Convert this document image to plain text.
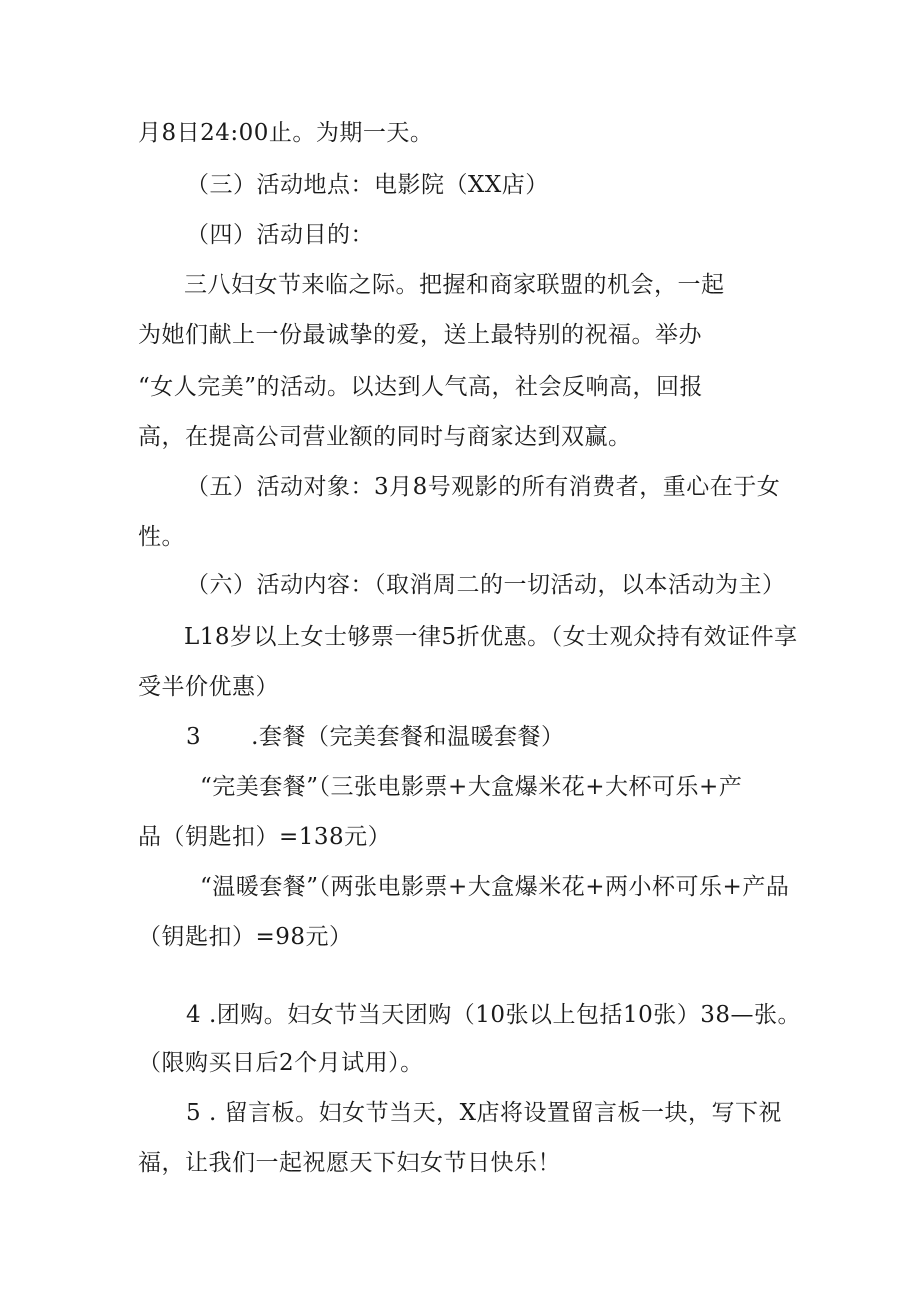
月8日24:00止。为期一天。

（三）活动地点：电影院（XX店）

（四）活动目的：

三八妇女节来临之际。把握和商家联盟的机会，一起

为她们献上一份最诚挚的爱，送上最特别的祝福。举办

“女人完美”的活动。以达到人气高，社会反响高，回报

高，在提高公司营业额的同时与商家达到双赢。

（五）活动对象：3月8号观影的所有消费者，重心在于女

性。

（六）活动内容：（取消周二的一切活动，以本活动为主）

L18岁以上女士够票一律5折优惠。（女士观众持有效证件享

受半价优惠）

3 .套餐（完美套餐和温暖套餐）

“完美套餐”（三张电影票+大盒爆米花+大杯可乐+产

品（钥匙扣）=138元）

“温暖套餐”（两张电影票+大盒爆米花+两小杯可乐+产品

（钥匙扣）=98元）

4 .团购。妇女节当天团购（10张以上包括10张）38—张。

（限购买日后2个月试用）。

5 . 留言板。妇女节当天，X店将设置留言板一块，写下祝

福，让我们一起祝愿天下妇女节日快乐！
